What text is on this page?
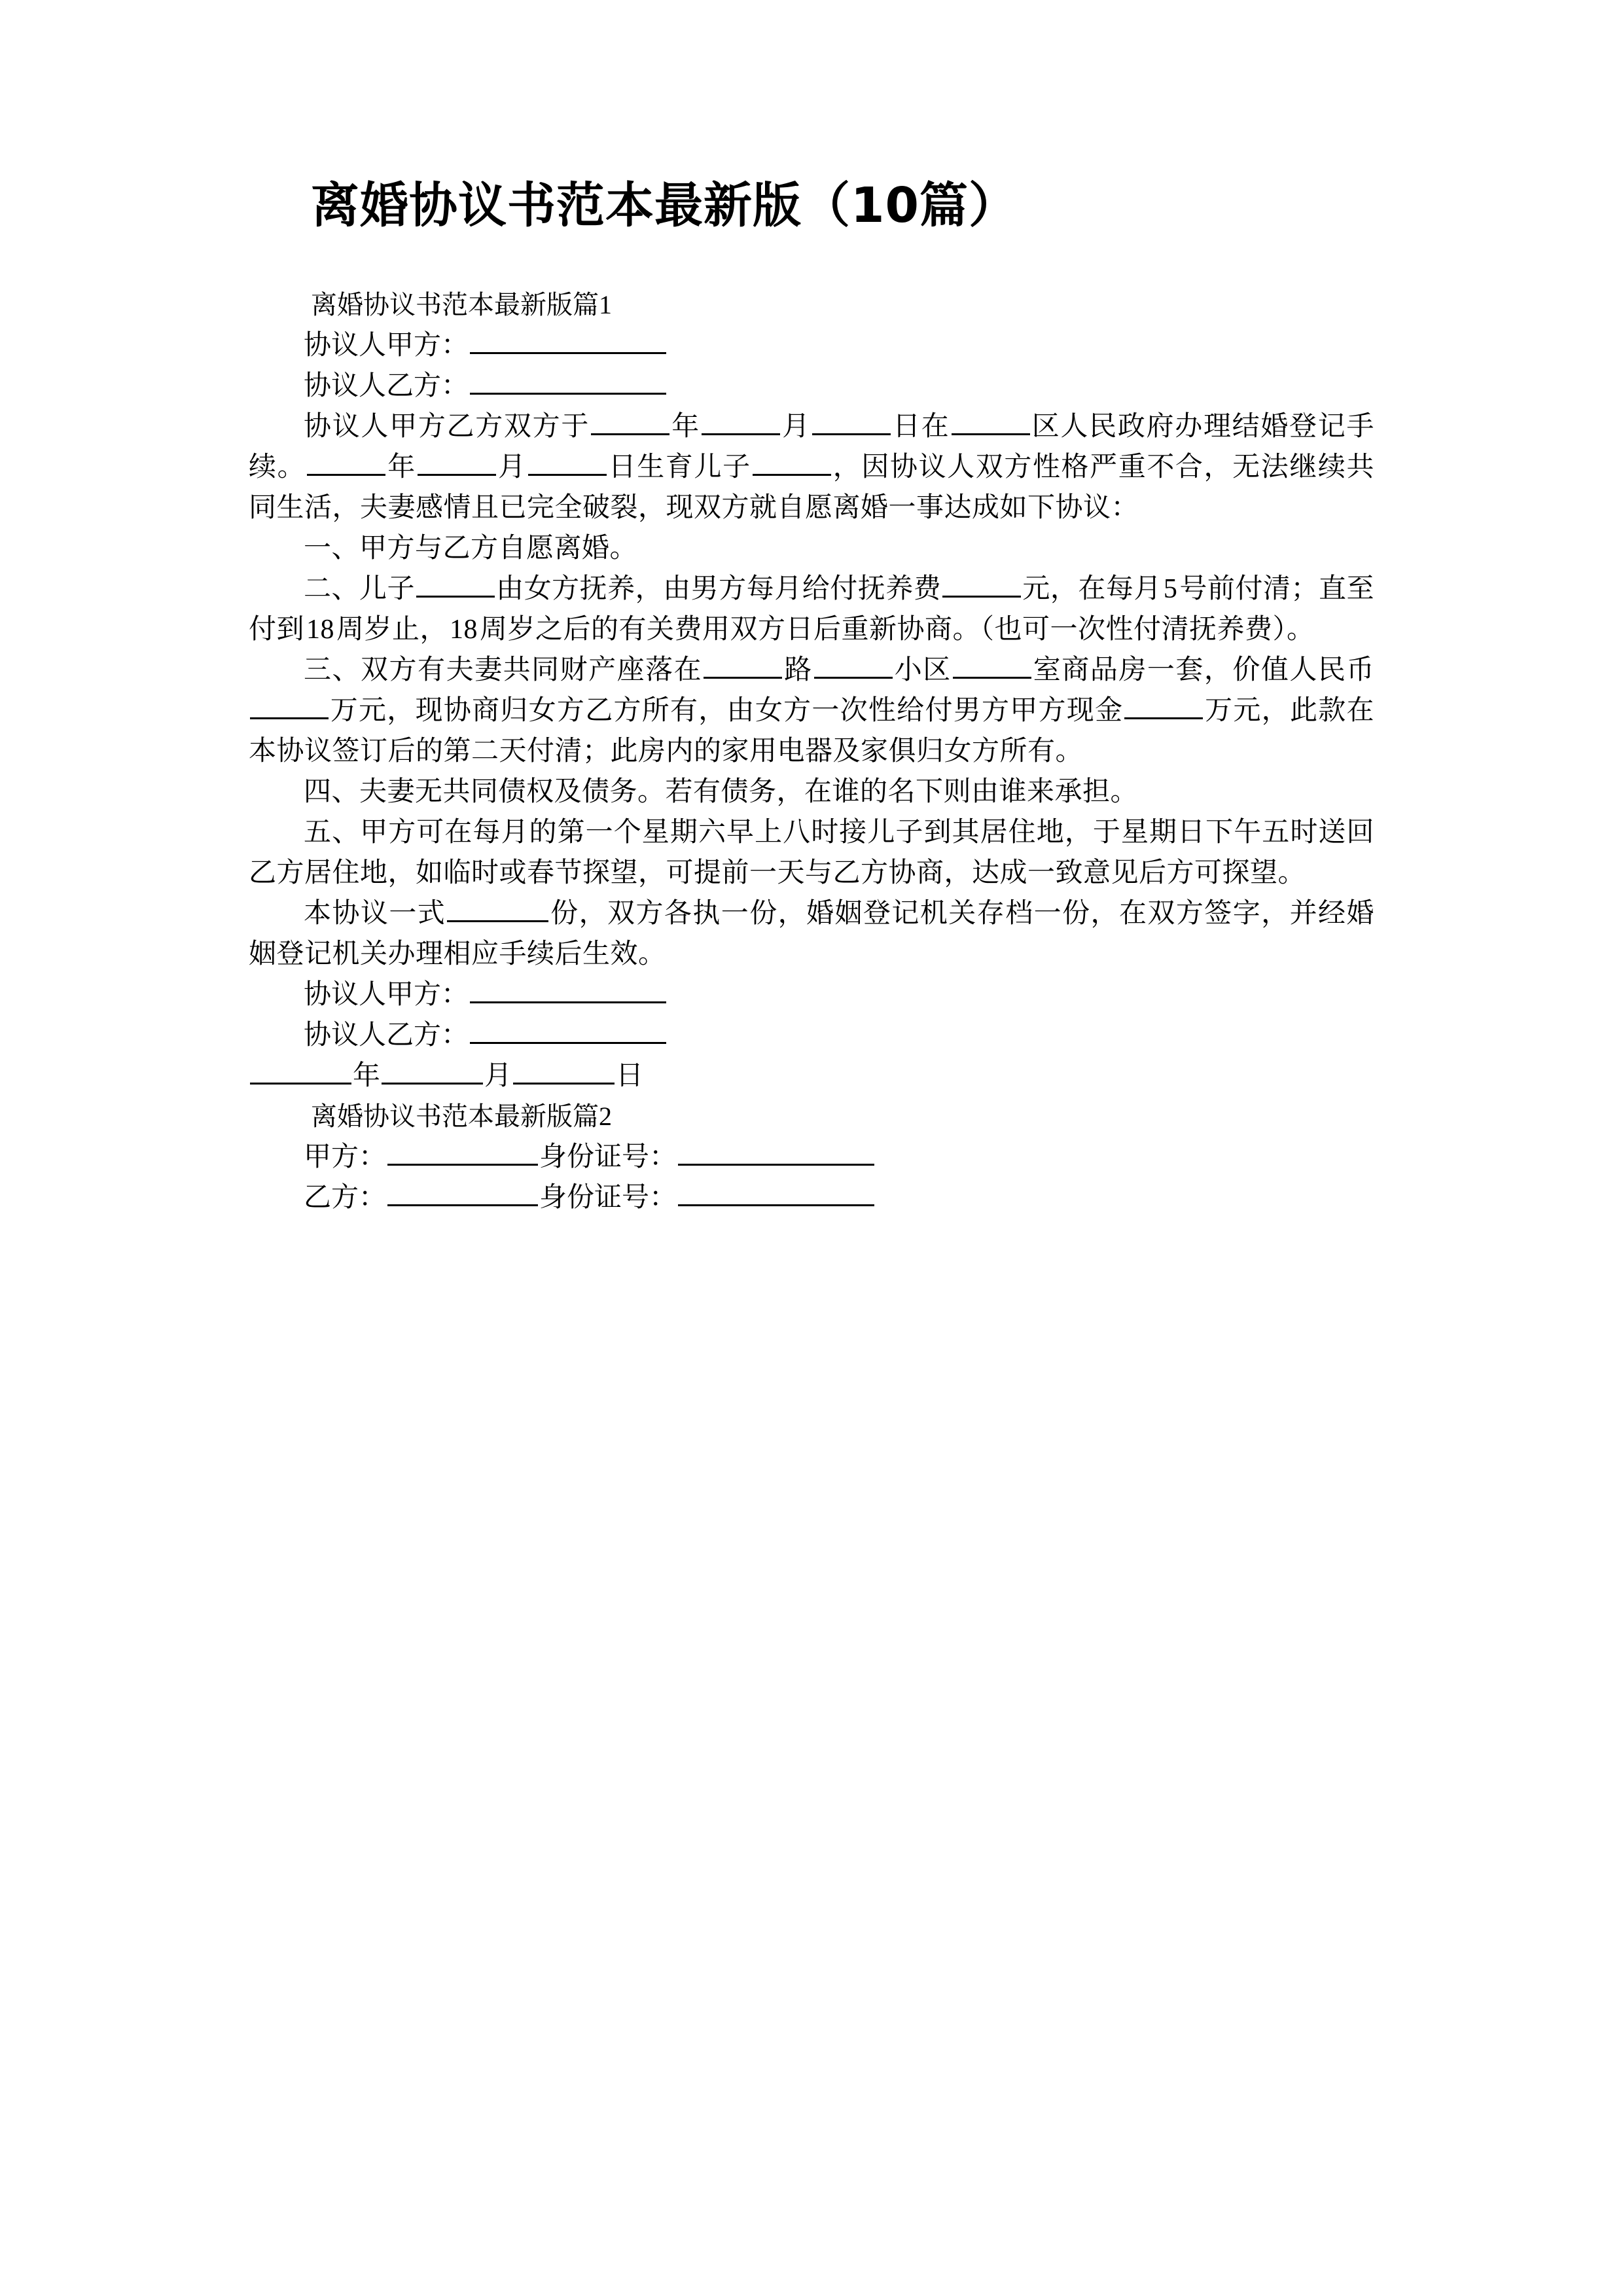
离婚协议书范本最新版（10篇）

离婚协议书范本最新版篇1

协议人甲方：

协议人乙方：

协议人甲方乙方双方于	年	月	日在	区人民政府办理结婚登记手续。	年	月	日生育儿子	，因协议人双方性格严重不合，无法继续共同生活，夫妻感情且已完全破裂，现双方就自愿离婚一事达成如下协议：

一、甲方与乙方自愿离婚。

二、儿子	由女方抚养，由男方每月给付抚养费	元，在每月5号前付清；直至付到18周岁止，18周岁之后的有关费用双方日后重新协商。（也可一次性付清抚养费）。

三、双方有夫妻共同财产座落在	路	小区	室商品房一套，价值人民币万元，现协商归女方乙方所有，由女方一次性给付男方甲方现金	万元，此款在本协议签订后的第二天付清；此房内的家用电器及家俱归女方所有。

四、夫妻无共同债权及债务。若有债务，在谁的名下则由谁来承担。

五、甲方可在每月的第一个星期六早上八时接儿子到其居住地，于星期日下午五时送回乙方居住地，如临时或春节探望，可提前一天与乙方协商，达成一致意见后方可探望。

本协议一式	份，双方各执一份，婚姻登记机关存档一份，在双方签字，并经婚姻登记机关办理相应手续后生效。

协议人甲方：

协议人乙方：

年	月	日

离婚协议书范本最新版篇2

甲方：	身份证号：

乙方：	身份证号：
